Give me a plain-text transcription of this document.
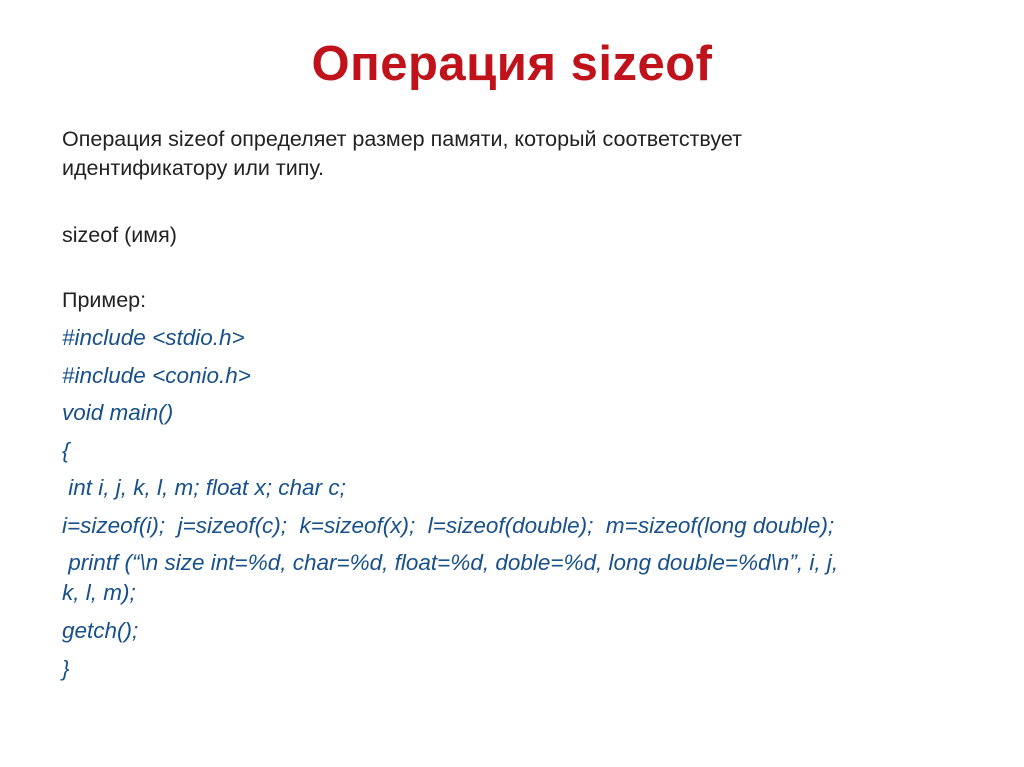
Операция sizeof
Операция sizeof определяет размер памяти, который соответствует
идентификатору или типу.
sizeof (имя)
Пример:
#include <stdio.h>
#include <conio.h>
void main()
{
int i, j, k, l, m; float x; char c;
i=sizeof(i);  j=sizeof(c);  k=sizeof(x);  l=sizeof(double);  m=sizeof(long double);
printf (“\n size int=%d, char=%d, float=%d, doble=%d, long double=%d\n”, i, j,
k, l, m);
getch();
}
